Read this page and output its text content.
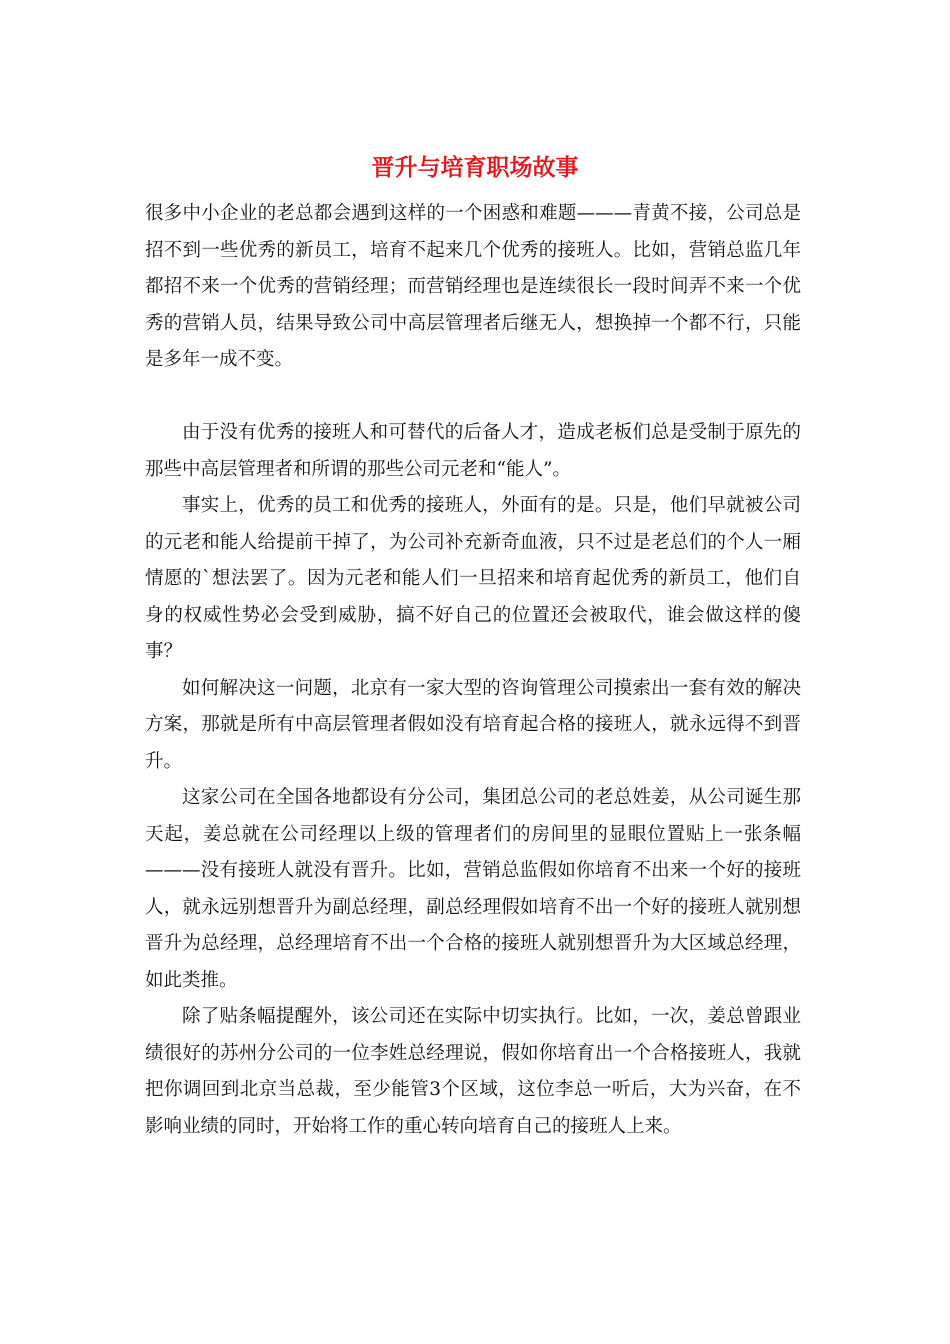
晋升与培育职场故事

很多中小企业的老总都会遇到这样的一个困惑和难题———青黄不接，公司总是招不到一些优秀的新员工，培育不起来几个优秀的接班人。比如，营销总监几年都招不来一个优秀的营销经理；而营销经理也是连续很长一段时间弄不来一个优秀的营销人员，结果导致公司中高层管理者后继无人，想换掉一个都不行，只能是多年一成不变。

由于没有优秀的接班人和可替代的后备人才，造成老板们总是受制于原先的那些中高层管理者和所谓的那些公司元老和“能人”。

事实上，优秀的员工和优秀的接班人，外面有的是。只是，他们早就被公司的元老和能人给提前干掉了，为公司补充新奇血液，只不过是老总们的个人一厢情愿的`想法罢了。因为元老和能人们一旦招来和培育起优秀的新员工，他们自身的权威性势必会受到威胁，搞不好自己的位置还会被取代，谁会做这样的傻事？

如何解决这一问题，北京有一家大型的咨询管理公司摸索出一套有效的解决方案，那就是所有中高层管理者假如没有培育起合格的接班人，就永远得不到晋升。

这家公司在全国各地都设有分公司，集团总公司的老总姓姜，从公司诞生那天起，姜总就在公司经理以上级的管理者们的房间里的显眼位置贴上一张条幅———没有接班人就没有晋升。比如，营销总监假如你培育不出来一个好的接班人，就永远别想晋升为副总经理，副总经理假如培育不出一个好的接班人就别想晋升为总经理，总经理培育不出一个合格的接班人就别想晋升为大区域总经理，如此类推。

除了贴条幅提醒外，该公司还在实际中切实执行。比如，一次，姜总曾跟业绩很好的苏州分公司的一位李姓总经理说，假如你培育出一个合格接班人，我就把你调回到北京当总裁，至少能管3个区域，这位李总一听后，大为兴奋，在不影响业绩的同时，开始将工作的重心转向培育自己的接班人上来。
